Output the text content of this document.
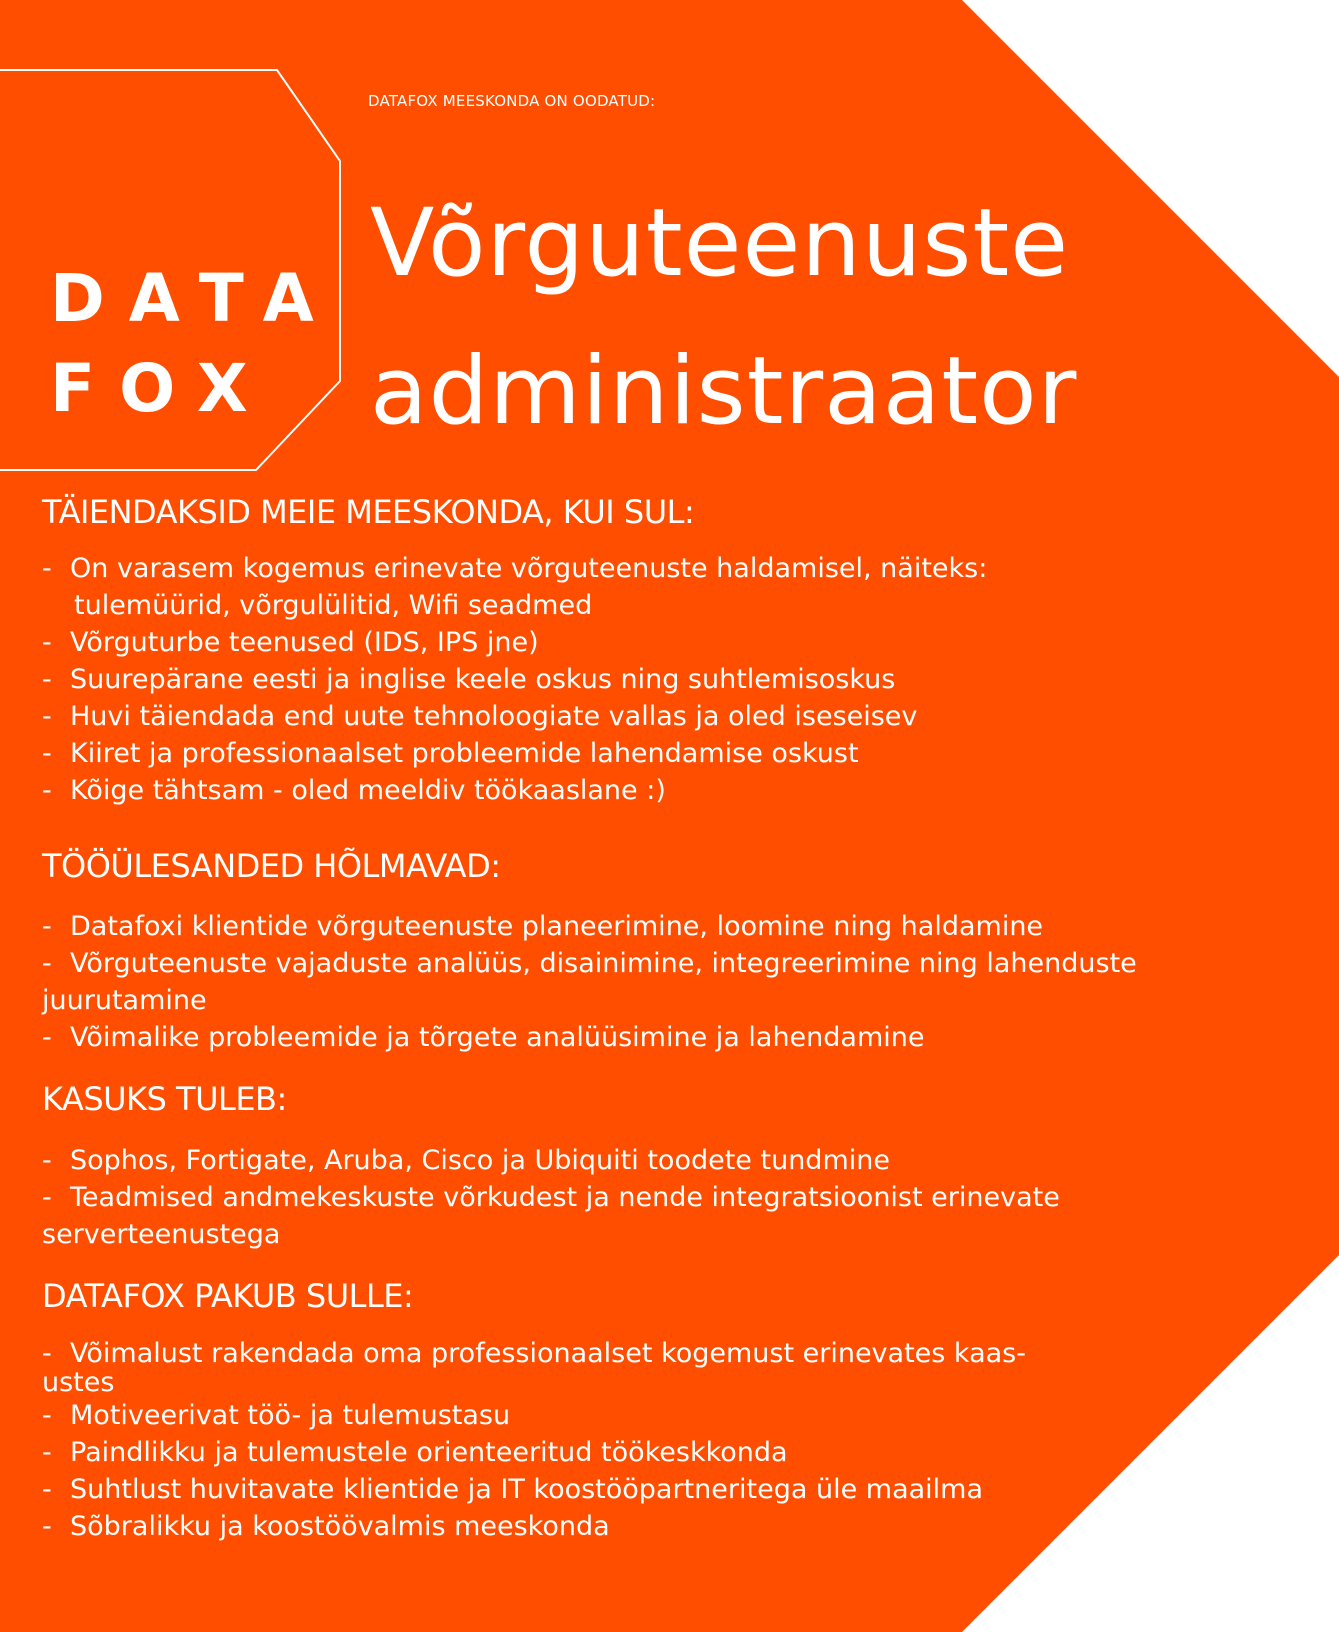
DATA
FOX
DATAFOX MEESKONDA ON OODATUD:
Võrguteenuste
administraator
TÄIENDAKSID MEIE MEESKONDA, KUI SUL:
- On varasem kogemus erinevate võrguteenuste haldamisel, näiteks:
tulemüürid, võrgulülitid, Wifi seadmed
- Võrguturbe teenused (IDS, IPS jne)
- Suurepärane eesti ja inglise keele oskus ning suhtlemisoskus
- Huvi täiendada end uute tehnoloogiate vallas ja oled iseseisev
- Kiiret ja professionaalset probleemide lahendamise oskust
- Kõige tähtsam - oled meeldiv töökaaslane :)
TÖÖÜLESANDED HÕLMAVAD:
- Datafoxi klientide võrguteenuste planeerimine, loomine ning haldamine
- Võrguteenuste vajaduste analüüs, disainimine, integreerimine ning lahenduste
juurutamine
- Võimalike probleemide ja tõrgete analüüsimine ja lahendamine
KASUKS TULEB:
- Sophos, Fortigate, Aruba, Cisco ja Ubiquiti toodete tundmine
- Teadmised andmekeskuste võrkudest ja nende integratsioonist erinevate
serverteenustega
DATAFOX PAKUB SULLE:
- Võimalust rakendada oma professionaalset kogemust erinevates kaas-
ustes
- Motiveerivat töö- ja tulemustasu
- Paindlikku ja tulemustele orienteeritud töökeskkonda
- Suhtlust huvitavate klientide ja IT koostööpartneritega üle maailma
- Sõbralikku ja koostöövalmis meeskonda
